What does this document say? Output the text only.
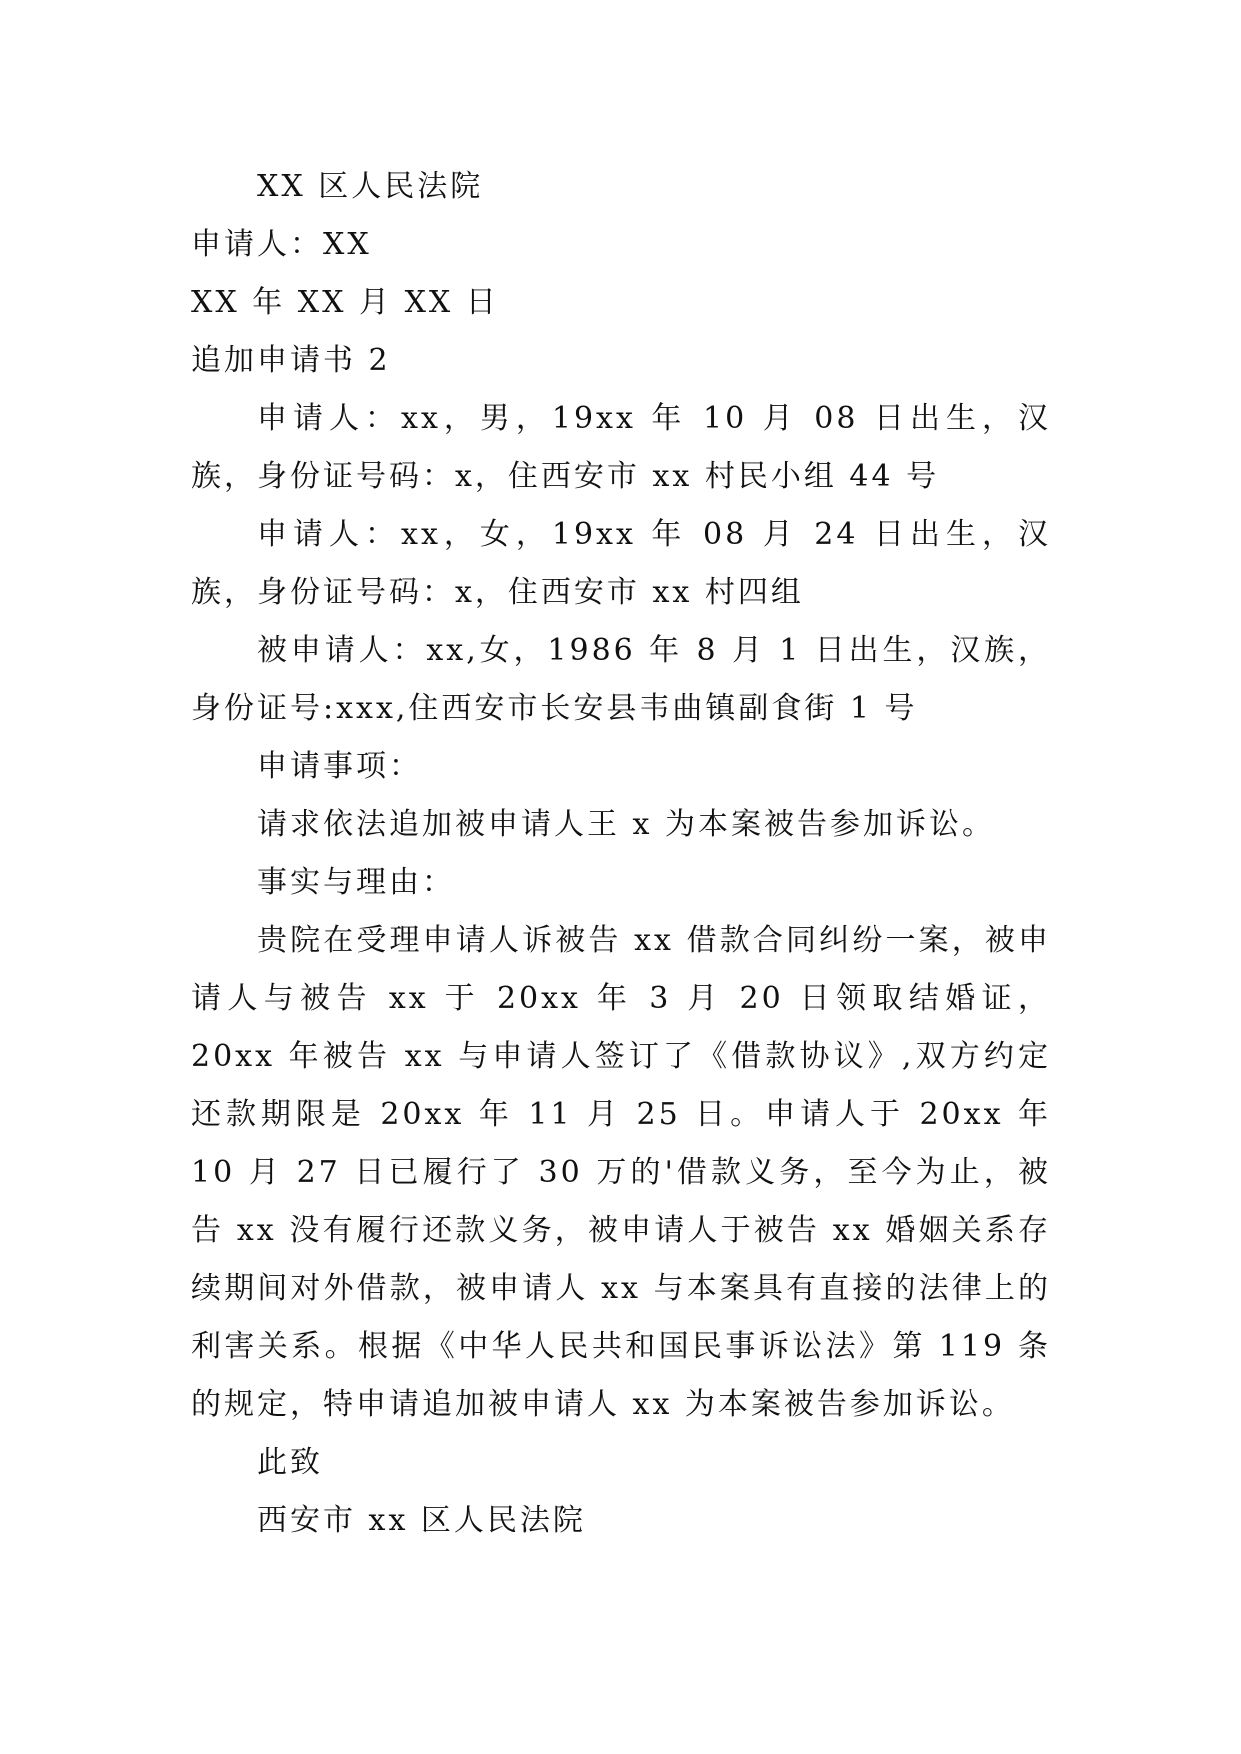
XX 区人民法院
申请人：XX
XX 年 XX 月 XX 日
追加申请书 2

申请人：xx，男，19xx 年 10 月 08 日出生，汉族，身份证号码：x，住西安市 xx 村民小组 44 号

申请人：xx，女，19xx 年 08 月 24 日出生，汉族，身份证号码：x，住西安市 xx 村四组

被申请人：xx,女，1986 年 8 月 1 日出生，汉族，身份证号:xxx,住西安市长安县韦曲镇副食街 1 号

申请事项：
请求依法追加被申请人王 x 为本案被告参加诉讼。
事实与理由：

贵院在受理申请人诉被告 xx 借款合同纠纷一案，被申请人与被告 xx 于 20xx 年 3 月 20 日领取结婚证，20xx 年被告 xx 与申请人签订了《借款协议》,双方约定还款期限是 20xx 年 11 月 25 日。申请人于 20xx 年 10 月 27 日已履行了 30 万的'借款义务，至今为止，被告 xx 没有履行还款义务，被申请人于被告 xx 婚姻关系存续期间对外借款，被申请人 xx 与本案具有直接的法律上的利害关系。根据《中华人民共和国民事诉讼法》第 119 条的规定，特申请追加被申请人 xx 为本案被告参加诉讼。

此致
西安市 xx 区人民法院
